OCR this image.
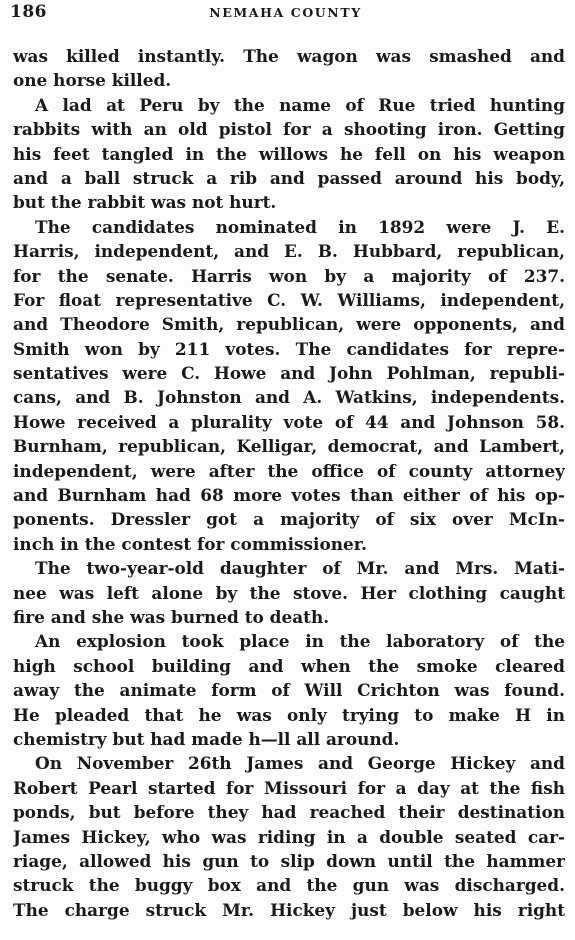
186	NEMAHA COUNTY
was killed instantly. The wagon was smashed and
one horse killed.
A lad at Peru by the name of Rue tried hunting
rabbits with an old pistol for a shooting iron. Getting
his feet tangled in the willows he fell on his weapon
and a ball struck a rib and passed around his body,
but the rabbit was not hurt.
The candidates nominated in 1892 were J. E.
Harris, independent, and E. B. Hubbard, republican,
for the senate. Harris won by a majority of 237.
For float representative C. W. Williams, independent,
and Theodore Smith, republican, were opponents, and
Smith won by 211 votes. The candidates for repre-
sentatives were C. Howe and John Pohlman, republi-
cans, and B. Johnston and A. Watkins, independents.
Howe received a plurality vote of 44 and Johnson 58.
Burnham, republican, Kelligar, democrat, and Lambert,
independent, were after the office of county attorney
and Burnham had 68 more votes than either of his op-
ponents. Dressler got a majority of six over McIn-
inch in the contest for commissioner.
The two-year-old daughter of Mr. and Mrs. Mati-
nee was left alone by the stove. Her clothing caught
fire and she was burned to death.
An explosion took place in the laboratory of the
high school building and when the smoke cleared
away the animate form of Will Crichton was found.
He pleaded that he was only trying to make H in
chemistry but had made h—ll all around.
On November 26th James and George Hickey and
Robert Pearl started for Missouri for a day at the fish
ponds, but before they had reached their destination
James Hickey, who was riding in a double seated car-
riage, allowed his gun to slip down until the hammer
struck the buggy box and the gun was discharged.
The charge struck Mr. Hickey just below his right
